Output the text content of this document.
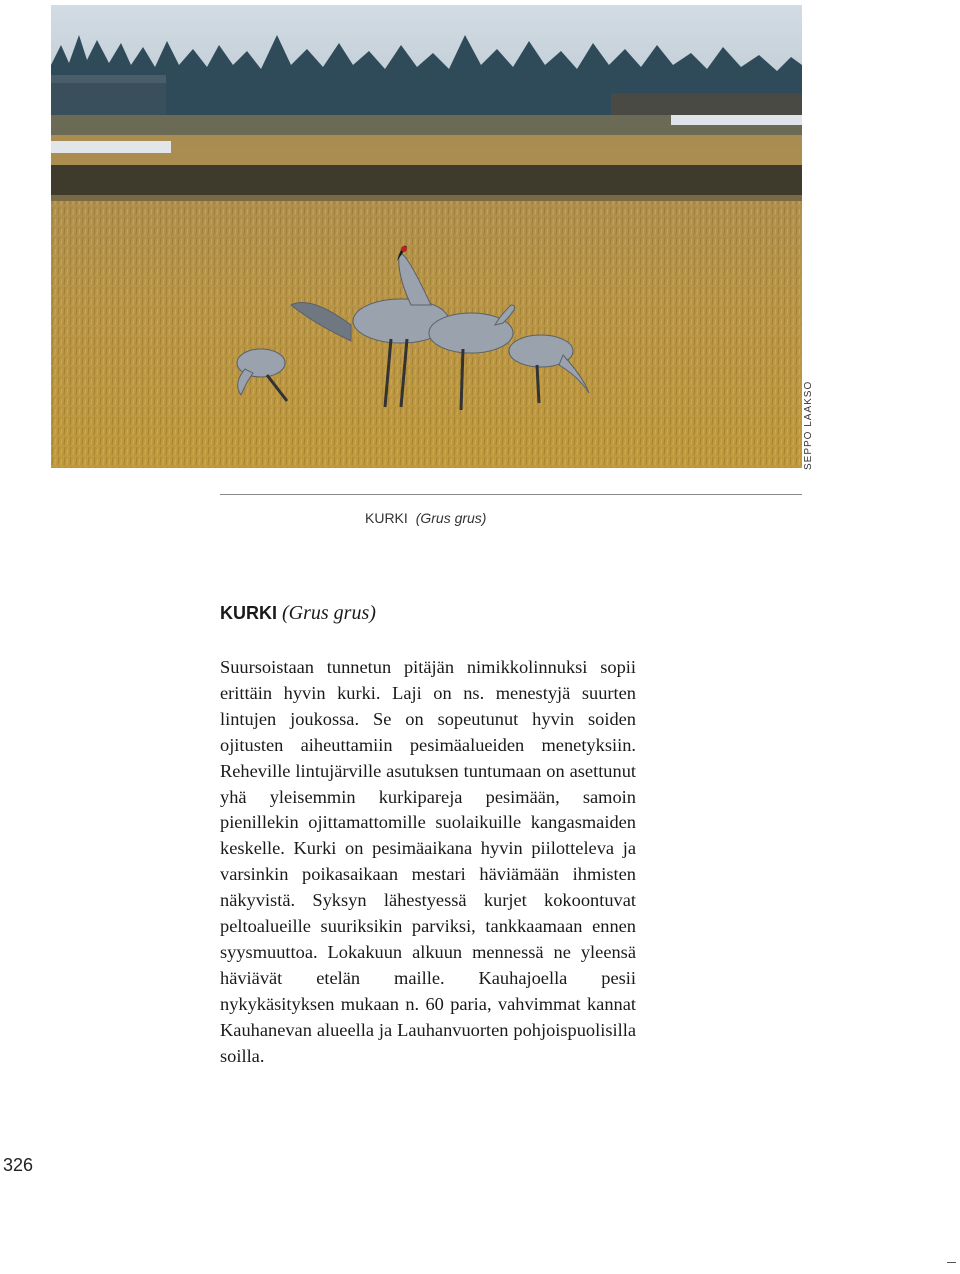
SEPPO LAAKSO
KURKI (Grus grus)
KURKI (Grus grus)

Suursoistaan tunnetun pitäjän nimikkolinnuksi sopii erittäin hyvin kurki. Laji on ns. menestyjä suurten lintujen joukossa. Se on sopeutunut hyvin soiden ojitusten aiheuttamiin pesimäalueiden menetyksiin. Reheville lintujärville asutuksen tuntumaan on asettunut yhä yleisemmin kurkipareja pesimään, samoin pienillekin ojittamattomille suolaikuille kangasmaiden keskelle. Kurki on pesimäaikana hyvin piilotteleva ja varsinkin poikasaikaan mestari häviämään ihmisten näkyvistä. Syksyn lähestyessä kurjet kokoontuvat peltoalueille suuriksikin parviksi, tankkaamaan ennen syysmuuttoa. Lokakuun alkuun mennessä ne yleensä häviävät etelän maille. Kauhajoella pesii nykykäsityksen mukaan n. 60 paria, vahvimmat kannat Kauhanevan alueella ja Lauhanvuorten pohjoispuolisilla soilla.

326
